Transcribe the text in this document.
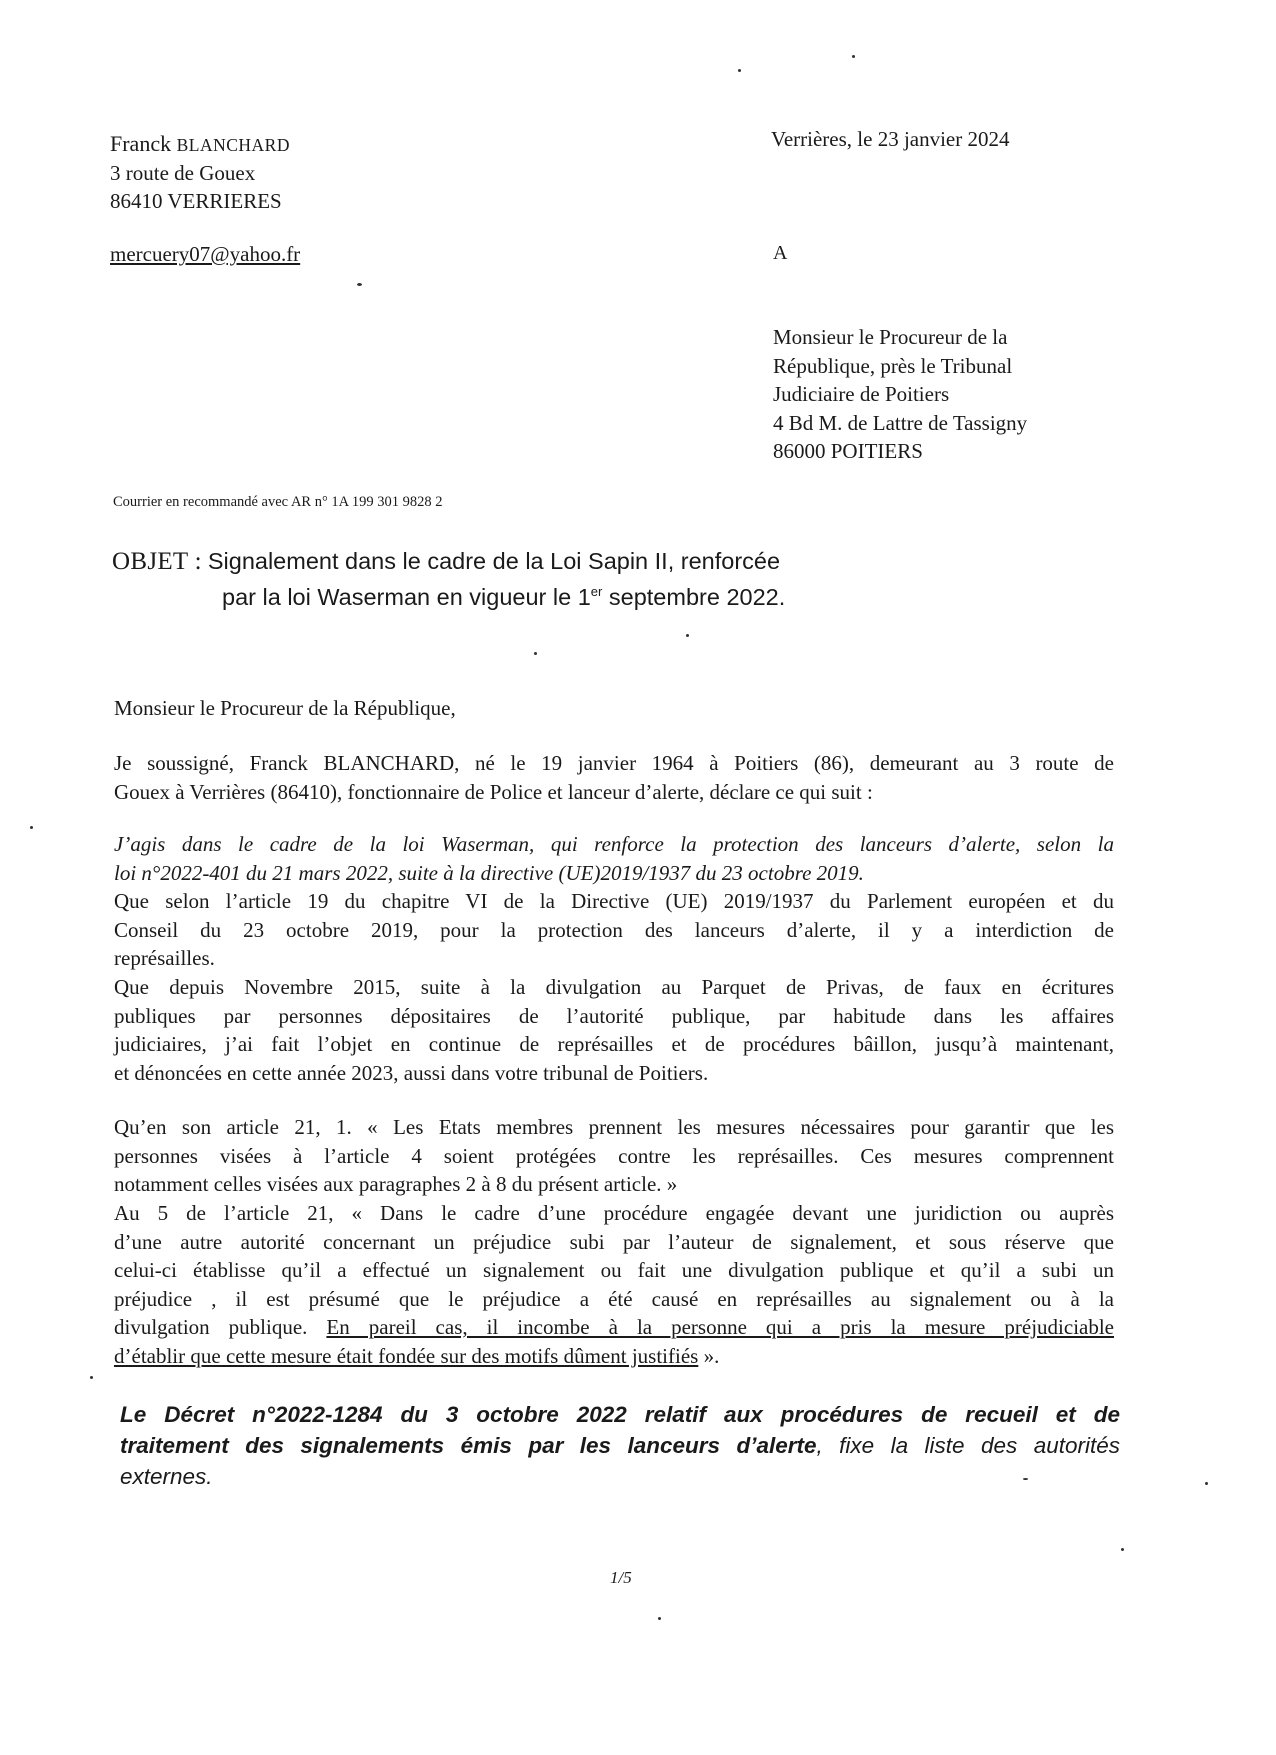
Franck BLANCHARD
3 route de Gouex
86410 VERRIERES
mercuery07@yahoo.fr
Verrières, le 23 janvier 2024
A
Monsieur le Procureur de la
République, près le Tribunal
Judiciaire de Poitiers
4 Bd M. de Lattre de Tassigny
86000 POITIERS
Courrier en recommandé avec AR n° 1A 199 301 9828 2
OBJET : Signalement dans le cadre de la Loi Sapin II, renforcée
par la loi Waserman en vigueur le 1er septembre 2022.
Monsieur le Procureur de la République,

Je soussigné, Franck BLANCHARD, né le 19 janvier 1964 à Poitiers (86), demeurant au 3 route de
Gouex à Verrières (86410), fonctionnaire de Police et lanceur d’alerte, déclare ce qui suit :

J’agis dans le cadre de la loi Waserman, qui renforce la protection des lanceurs d’alerte, selon la
loi n°2022-401 du 21 mars 2022, suite à la directive (UE)2019/1937 du 23 octobre 2019.

Que selon l’article 19 du chapitre VI de la Directive (UE) 2019/1937 du Parlement européen et du
Conseil du 23 octobre 2019, pour la protection des lanceurs d’alerte, il y a interdiction de
représailles.

Que depuis Novembre 2015, suite à la divulgation au Parquet de Privas, de faux en écritures
publiques par personnes dépositaires de l’autorité publique, par habitude dans les affaires
judiciaires, j’ai fait l’objet en continue de représailles et de procédures bâillon, jusqu’à maintenant,
et dénoncées en cette année 2023, aussi dans votre tribunal de Poitiers.

Qu’en son article 21, 1. « Les Etats membres prennent les mesures nécessaires pour garantir que les
personnes visées à l’article 4 soient protégées contre les représailles. Ces mesures comprennent
notamment celles visées aux paragraphes 2 à 8 du présent article. »

Au 5 de l’article 21, « Dans le cadre d’une procédure engagée devant une juridiction ou auprès
d’une autre autorité concernant un préjudice subi par l’auteur de signalement, et sous réserve que
celui-ci établisse qu’il a effectué un signalement ou fait une divulgation publique et qu’il a subi un
préjudice , il est présumé que le préjudice a été causé en représailles au signalement ou à la
divulgation publique. En pareil cas, il incombe à la personne qui a pris la mesure préjudiciable
d’établir que cette mesure était fondée sur des motifs dûment justifiés ».

Le Décret n°2022-1284 du 3 octobre 2022 relatif aux procédures de recueil et de
traitement des signalements émis par les lanceurs d’alerte, fixe la liste des autorités
externes.

1/5
